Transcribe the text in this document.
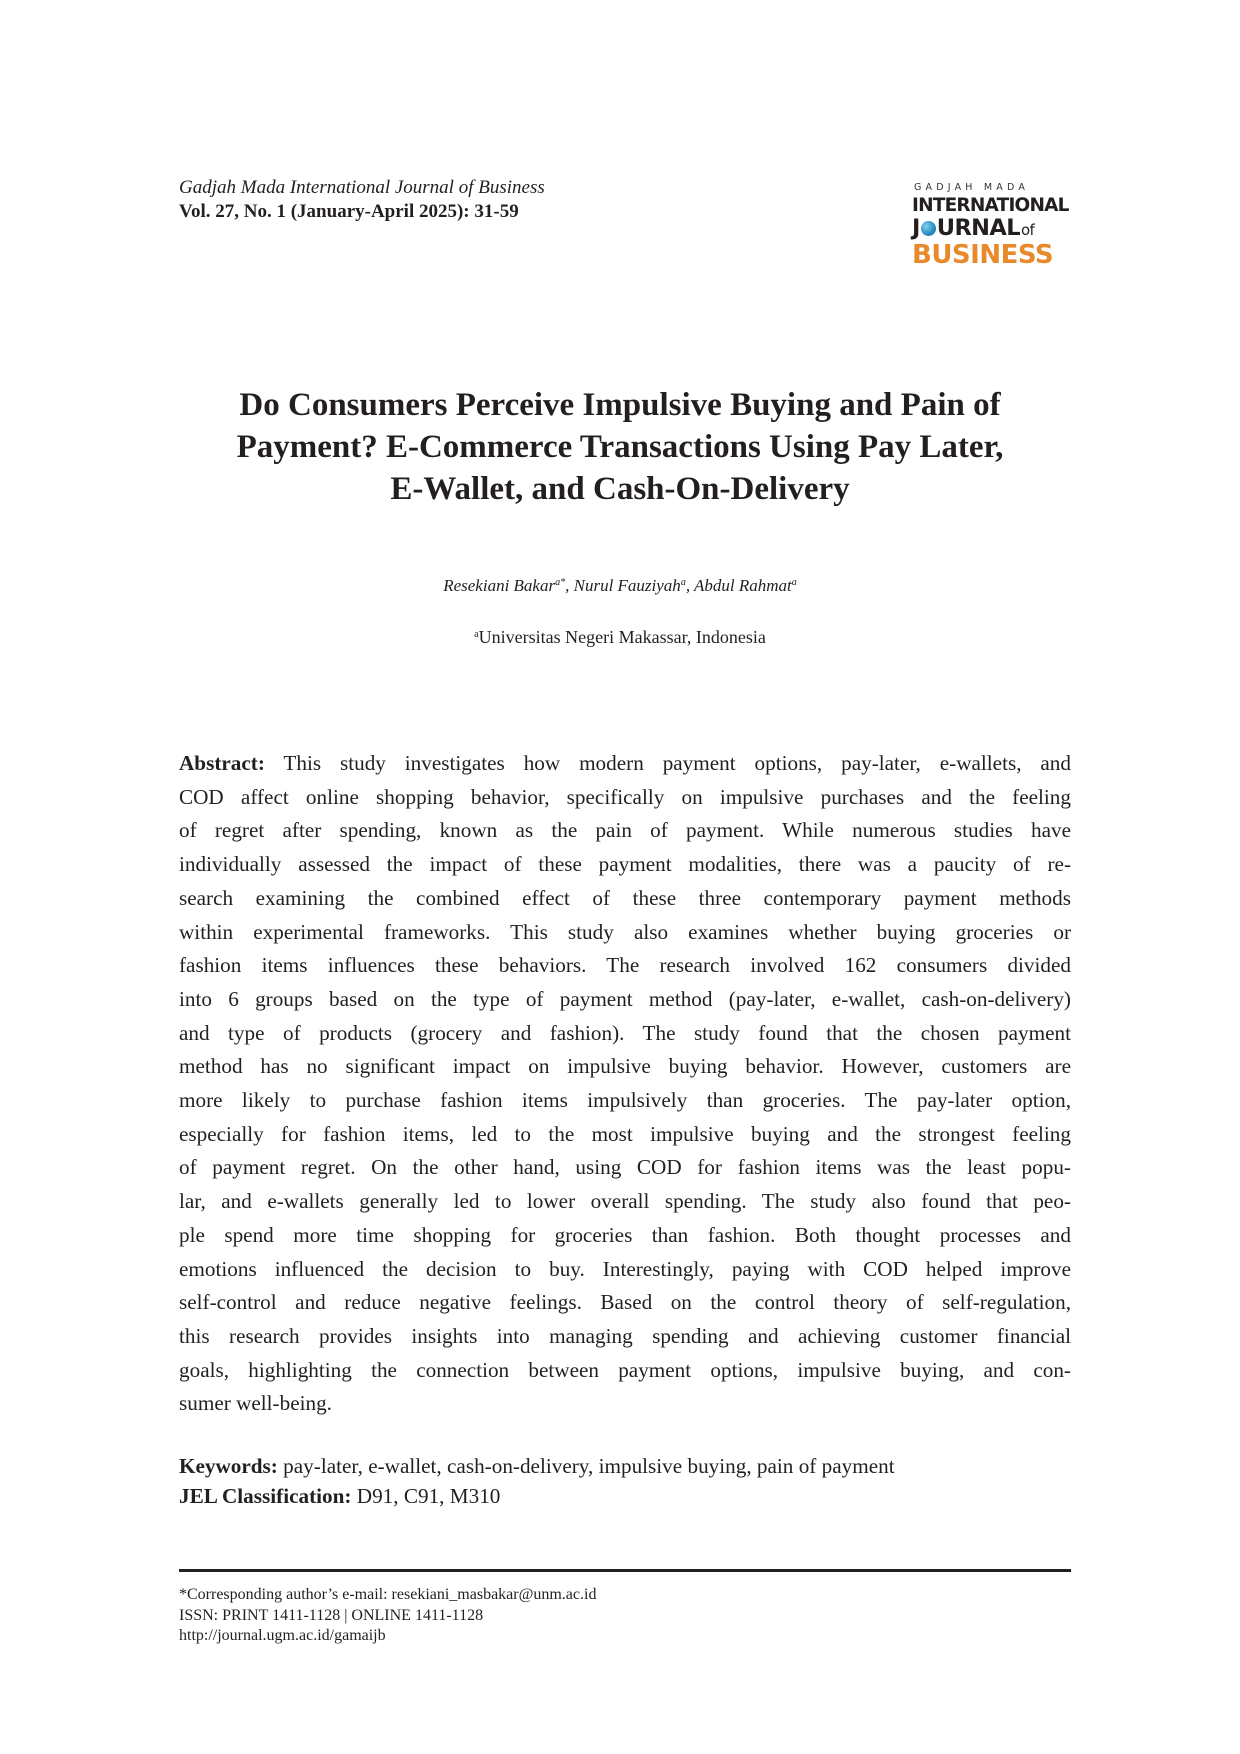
Gadjah Mada International Journal of Business
Vol. 27, No. 1 (January-April 2025): 31-59
GADJAH MADA
INTERNATIONAL
J URNAL of
BUSINESS
Do Consumers Perceive Impulsive Buying and Pain of
Payment? E-Commerce Transactions Using Pay Later,
E-Wallet, and Cash-On-Delivery
Resekiani Bakar$^{a*}$, Nurul Fauziyah$^a$, Abdul Rahmat$^a$
$^a$Universitas Negeri Makassar, Indonesia
Abstract: This study investigates how modern payment options, pay-later, e-wallets, and
COD affect online shopping behavior, specifically on impulsive purchases and the feeling
of regret after spending, known as the pain of payment. While numerous studies have
individually assessed the impact of these payment modalities, there was a paucity of re-
search examining the combined effect of these three contemporary payment methods
within experimental frameworks. This study also examines whether buying groceries or
fashion items influences these behaviors. The research involved 162 consumers divided
into 6 groups based on the type of payment method (pay-later, e-wallet, cash-on-delivery)
and type of products (grocery and fashion). The study found that the chosen payment
method has no significant impact on impulsive buying behavior. However, customers are
more likely to purchase fashion items impulsively than groceries. The pay-later option,
especially for fashion items, led to the most impulsive buying and the strongest feeling
of payment regret. On the other hand, using COD for fashion items was the least popu-
lar, and e-wallets generally led to lower overall spending. The study also found that peo-
ple spend more time shopping for groceries than fashion. Both thought processes and
emotions influenced the decision to buy. Interestingly, paying with COD helped improve
self-control and reduce negative feelings. Based on the control theory of self-regulation,
this research provides insights into managing spending and achieving customer financial
goals, highlighting the connection between payment options, impulsive buying, and con-
sumer well-being.
Keywords: pay-later, e-wallet, cash-on-delivery, impulsive buying, pain of payment
JEL Classification: D91, C91, M310
*Corresponding author’s e-mail: resekiani_masbakar@unm.ac.id
ISSN: PRINT 1411-1128 | ONLINE 1411-1128
http://journal.ugm.ac.id/gamaijb
